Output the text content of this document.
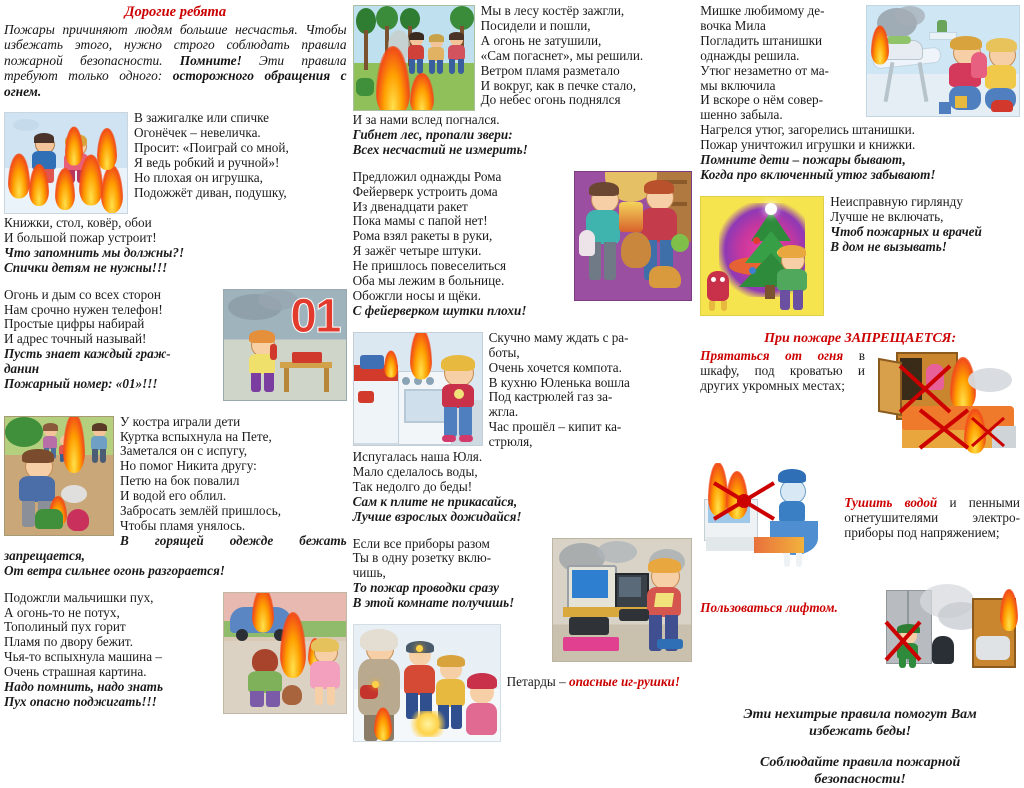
Дорогие ребята

Пожары причиняют людям большие несчастья. Чтобы избежать этого, нужно строго соблюдать правила пожарной безопасности. Помните! Эти правила требуют только одного: осторожного обращения с огнем.

В зажигалке или спичке

Огонёчек – невеличка.

Просит: «Поиграй со мной,

Я ведь робкий и ручной»!

Но плохая он игрушка,

Подожжёт диван, подушку,

Книжки, стол, ковёр, обои

И большой пожар устроит!

Что запомнить мы должны?!

Спички детям не нужны!!!

01

Огонь и дым со всех сторон

Нам срочно нужен телефон!

Простые цифры набирай

И адрес точный называй!

Пусть знает каждый граж-

данин

Пожарный номер: «01»!!!

У костра играли дети

Куртка вспыхнула на Пете,

Заметался он с испугу,

Но помог Никита другу:

Петю на бок повалил

И водой его облил.

Забросать землёй пришлось,

Чтобы пламя унялось.

В горящей одежде бежать запрещается,

От ветра сильнее огонь разгорается!

Подожгли мальчишки пух,

А огонь-то не потух,

Тополиный пух горит

Пламя по двору бежит.

Чья-то вспыхнула машина –

Очень страшная картина.

Надо помнить, надо знать

Пух опасно поджигать!!!

Мы в лесу костёр зажгли,

Посидели и пошли,

А огонь не затушили,

«Сам погаснет», мы решили.

Ветром пламя разметало

И вокруг, как в печке стало,

До небес огонь поднялся

И за нами вслед погнался.

Гибнет лес, пропали звери:

Всех несчастий не измерить!

Предложил однажды Рома

Фейерверк устроить дома

Из двенадцати ракет

Пока мамы с папой нет!

Рома взял ракеты в руки,

Я зажёг четыре штуки.

Не пришлось повеселиться

Оба мы лежим в больнице.

Обожгли носы и щёки.

С фейерверком шутки плохи!

Скучно маму ждать с ра-

боты,

Очень хочется компота.

В кухню Юленька вошла

Под кастрюлей газ за-

жгла.

Час прошёл – кипит ка-

стрюля,

Испугалась наша Юля.

Мало сделалось воды,

Так недолго до беды!

Сам к плите не прикасайся,

Лучше взрослых дожидайся!

Если все приборы разом

Ты в одну розетку вклю-

чишь,

То пожар проводки сразу

В этой комнате получишь!

Петарды – опасные иг-рушки!

Мишке любимому де-

вочка Мила

Погладить штанишки

однажды решила.

Утюг незаметно от ма-

мы включила

И вскоре о нём совер-

шенно забыла.

Нагрелся утюг, загорелись штанишки.

Пожар уничтожил игрушки и книжки.

Помните дети – пожары бывают,

Когда про включенный утюг забывают!

Неисправную гирлянду

Лучше не включать,

Чтоб пожарных и врачей

В дом не вызывать!

При пожаре ЗАПРЕЩАЕТСЯ:

Прятаться от огня в шкафу, под кроватью и других укромных местах;

Тушить водой и пенными огнетушителями электро-приборы под напряжением;

Пользоваться лифтом.

Эти нехитрые правила помогут Вам

избежать беды!

Соблюдайте правила пожарной

безопасности!
